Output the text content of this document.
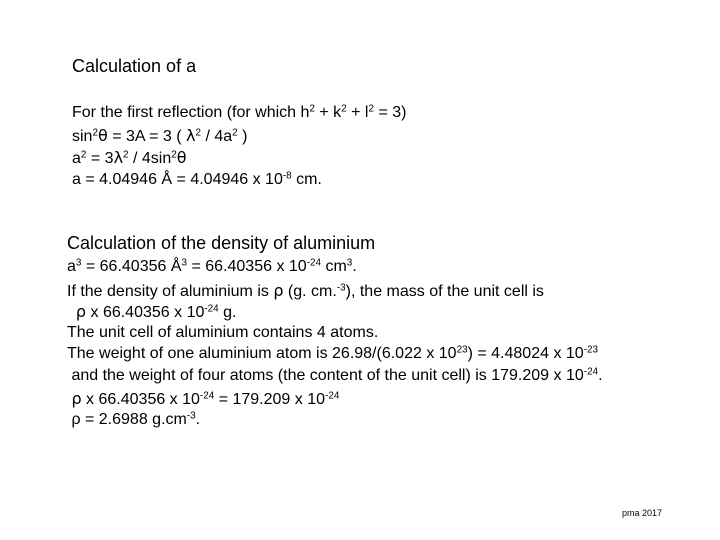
Calculation of a
For the first reflection (for which $h^2 + k^2 + l^2 = 3$)
$\sin^2\theta = 3A = 3$ ( $\lambda^2 / 4a^2$ )
$a^2 = 3\lambda^2 / 4\sin^2\theta$
a = 4.04946 Å = 4.04946 x $10^{-8}$ cm.
Calculation of the density of aluminium
$a^3 = 66.40356$ $Å^3 = 66.40356$ x $10^{-24}$ $cm^3$.
If the density of aluminium is ρ (g. cm.$^{-3}$), the mass of the unit cell is
ρ x 66.40356 x $10^{-24}$ g.
The unit cell of aluminium contains 4 atoms.
The weight of one aluminium atom is 26.98/(6.022 x $10^{23}) = 4.48024$ x $10^{-23}$
and the weight of four atoms (the content of the unit cell) is 179.209 x $10^{-24}$.
ρ x 66.40356 x $10^{-24} = 179.209$ x $10^{-24}$
ρ = 2.6988 $g.cm^{-3}$.
pma 2017
